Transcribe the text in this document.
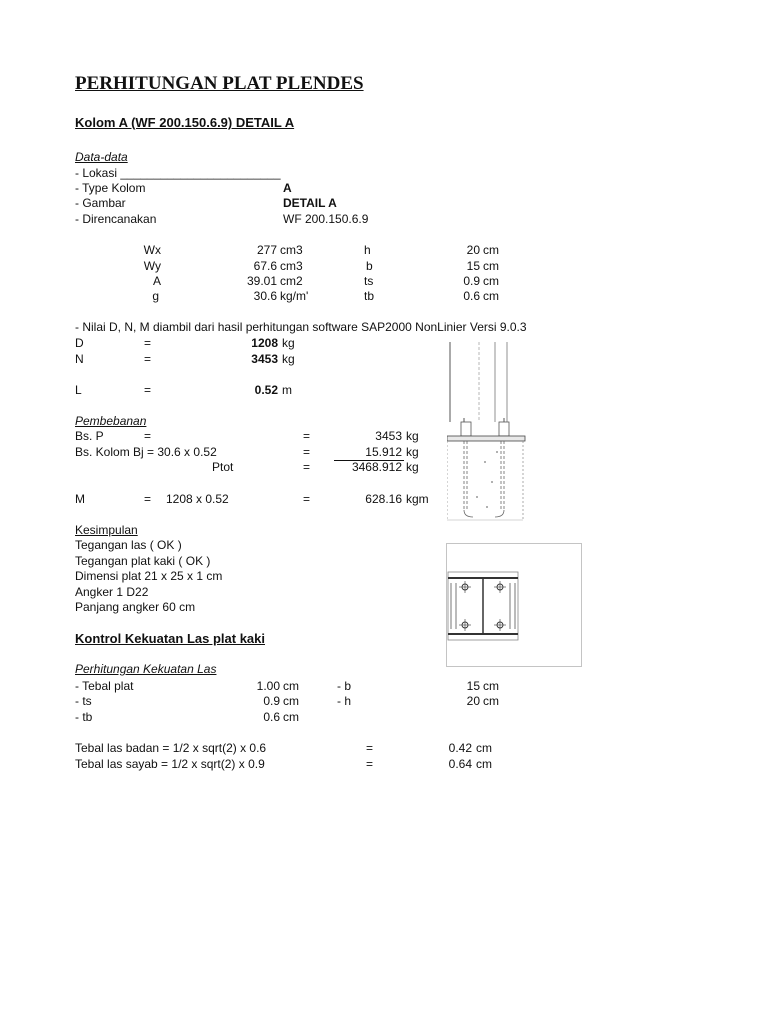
PERHITUNGAN PLAT PLENDES
Kolom A (WF 200.150.6.9) DETAIL A
Data-data
- Lokasi ________________________
- Type Kolom	A
- Gambar	DETAIL A
- Direncanakan	WF 200.150.6.9
Wx	277 cm3	h	20 cm
Wy	67.6 cm3	b	15 cm
A	39.01 cm2	ts	0.9 cm
g	30.6 kg/m'	tb	0.6 cm
- Nilai D, N, M diambil dari hasil perhitungan software SAP2000 NonLinier Versi 9.0.3
D	=	1208 kg
N	=	3453 kg
L	=	0.52 m
Pembebanan
Bs. P	=	=	3453 kg
Bs. Kolom Bj = 30.6 x 0.52	=	15.912 kg
Ptot	=	3468.912 kg
M	= 1208 x 0.52	=	628.16 kgm
Kesimpulan
Tegangan las ( OK )
Tegangan plat kaki ( OK )
Dimensi plat 21 x 25 x 1 cm
Angker 1 D22
Panjang angker 60 cm
Kontrol Kekuatan Las plat kaki
Perhitungan Kekuatan Las
- Tebal plat	1.00 cm	- b	15 cm
- ts	0.9 cm	- h	20 cm
- tb	0.6 cm
Tebal las badan = 1/2 x sqrt(2) x 0.6	=	0.42 cm
Tebal las sayab = 1/2 x sqrt(2) x 0.9	=	0.64 cm
